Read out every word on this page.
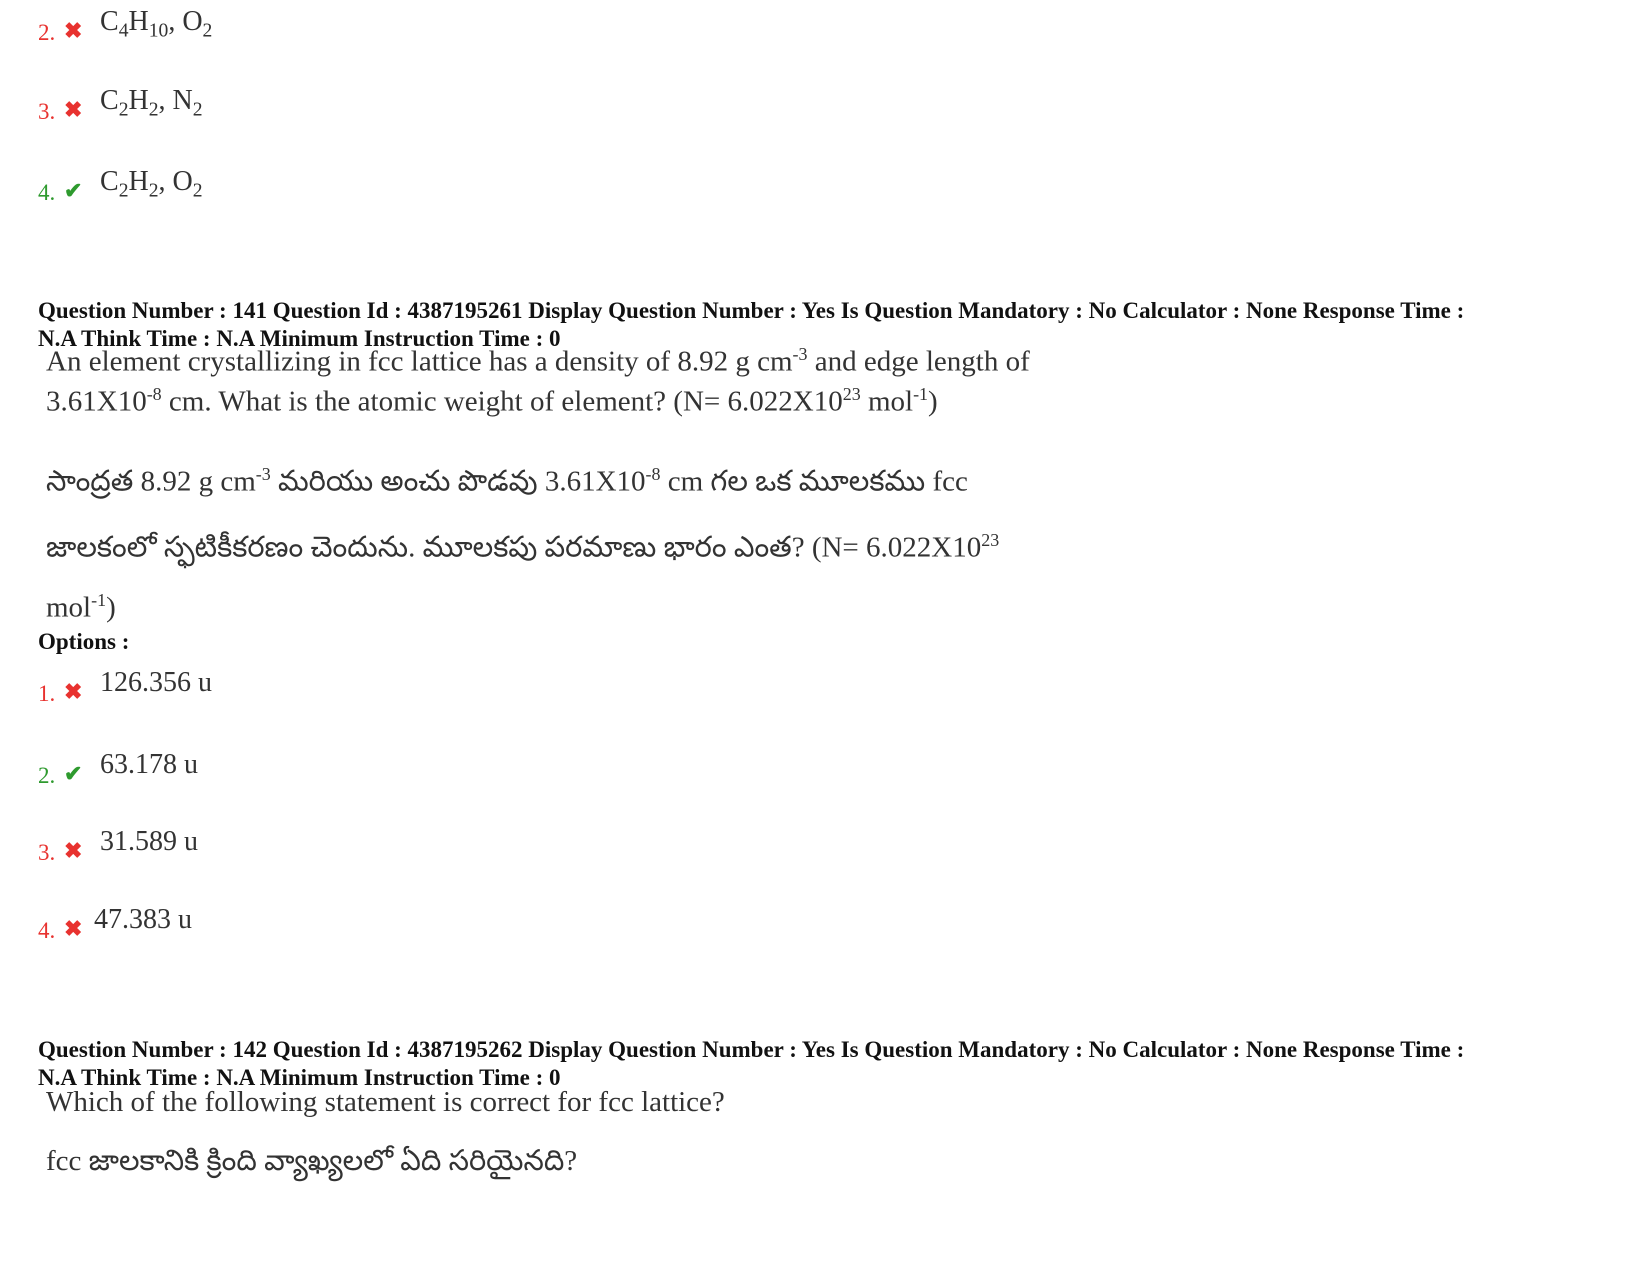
2. ✖ $C_4H_{10}$, $O_2$
3. ✖ $C_2H_2$, $N_2$
4. ✔ $C_2H_2$, $O_2$
Question Number : 141 Question Id : 4387195261 Display Question Number : Yes Is Question Mandatory : No Calculator : None Response Time :
N.A Think Time : N.A Minimum Instruction Time : 0
An element crystallizing in fcc lattice has a density of 8.92 g $cm^{-3}$ and edge length of
$3.61X10^{-8}$ cm. What is the atomic weight of element? ($N= 6.022X10^{23}$ mol$^{-1}$)
సాంద్రత 8.92 g $cm^{-3}$ మరియు అంచు పొడవు $3.61X10^{-8}$ cm గల ఒక మూలకము fcc
జాలకంలో స్ఫటికీకరణం చెందును. మూలకపు పరమాణు భారం ఎంత? ($N= 6.022X10^{23}$
mol$^{-1}$)
Options :
1. ✖ 126.356 u
2. ✔ 63.178 u
3. ✖ 31.589 u
4. ✖ 47.383 u
Question Number : 142 Question Id : 4387195262 Display Question Number : Yes Is Question Mandatory : No Calculator : None Response Time :
N.A Think Time : N.A Minimum Instruction Time : 0
Which of the following statement is correct for fcc lattice?
fcc జాలకానికి క్రింది వ్యాఖ్యలలో ఏది సరియైనది?
